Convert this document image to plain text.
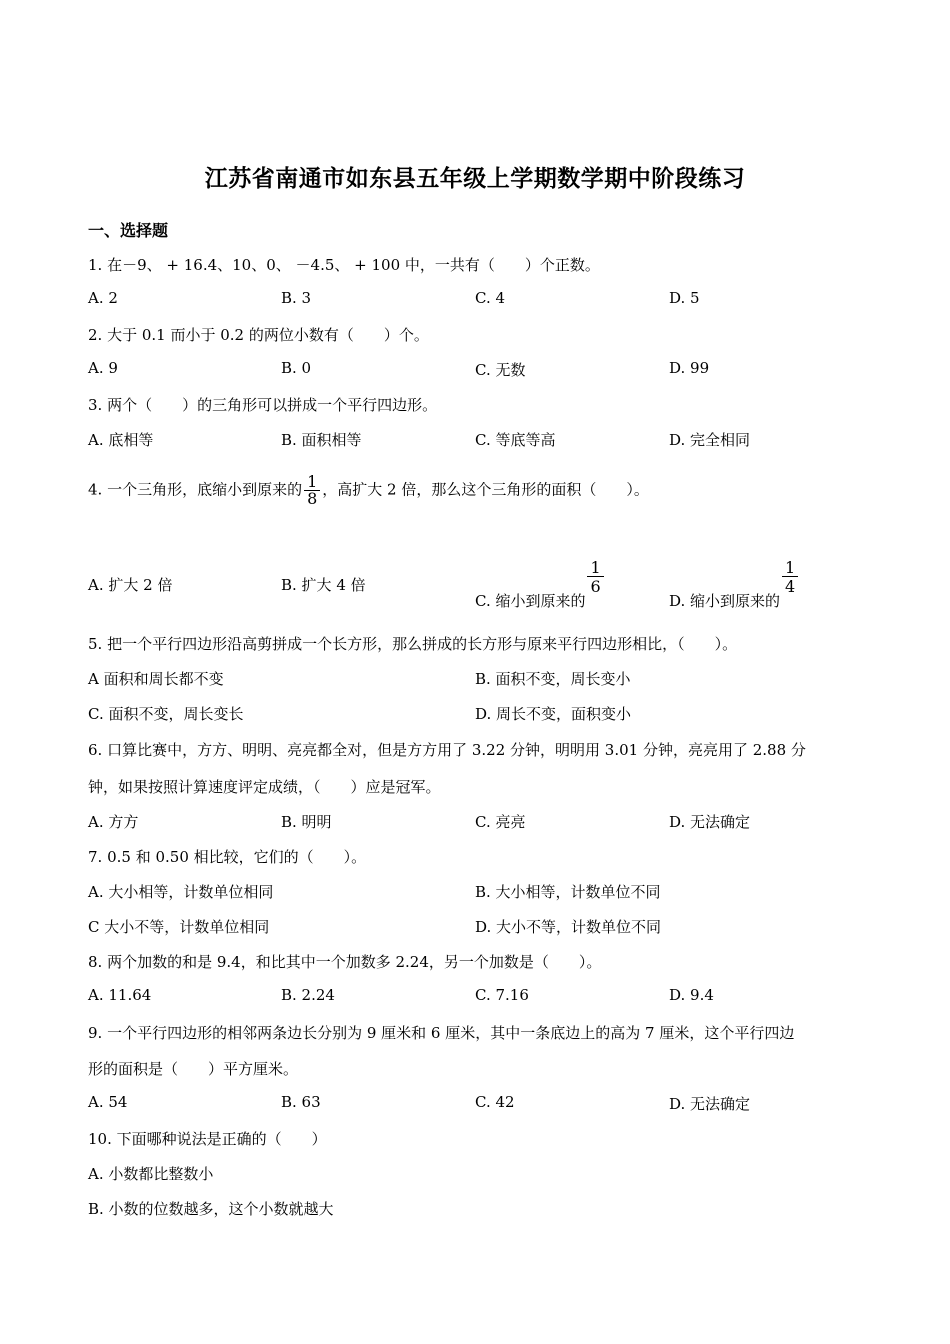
江苏省南通市如东县五年级上学期数学期中阶段练习
一、选择题
1. 在－9、 + 16.4、10、0、 －4.5、 + 100 中，一共有（　　）个正数。
A. 2	B. 3	C. 4	D. 5
2. 大于 0.1 而小于 0.2 的两位小数有（　　）个。
A. 9	B. 0	C. 无数	D. 99
3. 两个（　　）的三角形可以拼成一个平行四边形。
A. 底相等	B. 面积相等	C. 等底等高	D. 完全相同
4. 一个三角形，底缩小到原来的 $\frac{1}{8}$ ，高扩大 2 倍，那么这个三角形的面积（　　）。
A. 扩大 2 倍	B. 扩大 4 倍
C. 缩小到原来的
$\frac{1}{6}$
D. 缩小到原来的
$\frac{1}{4}$
5. 把一个平行四边形沿高剪拼成一个长方形，那么拼成的长方形与原来平行四边形相比，（　　）。
A 面积和周长都不变	B. 面积不变，周长变小
C. 面积不变，周长变长	D. 周长不变，面积变小
6. 口算比赛中，方方、明明、亮亮都全对，但是方方用了 3.22 分钟，明明用 3.01 分钟，亮亮用了 2.88 分
钟，如果按照计算速度评定成绩，（　　）应是冠军。
A. 方方	B. 明明	C. 亮亮	D. 无法确定
7. 0.5 和 0.50 相比较，它们的（　　）。
A. 大小相等，计数单位相同	B. 大小相等，计数单位不同
C 大小不等，计数单位相同	D. 大小不等，计数单位不同
8. 两个加数的和是 9.4，和比其中一个加数多 2.24，另一个加数是（　　）。
A. 11.64	B. 2.24	C. 7.16	D. 9.4
9. 一个平行四边形的相邻两条边长分别为 9 厘米和 6 厘米，其中一条底边上的高为 7 厘米，这个平行四边
形的面积是（　　）平方厘米。
A. 54	B. 63	C. 42	D. 无法确定
10. 下面哪种说法是正确的（　　）
A. 小数都比整数小
B. 小数的位数越多，这个小数就越大
